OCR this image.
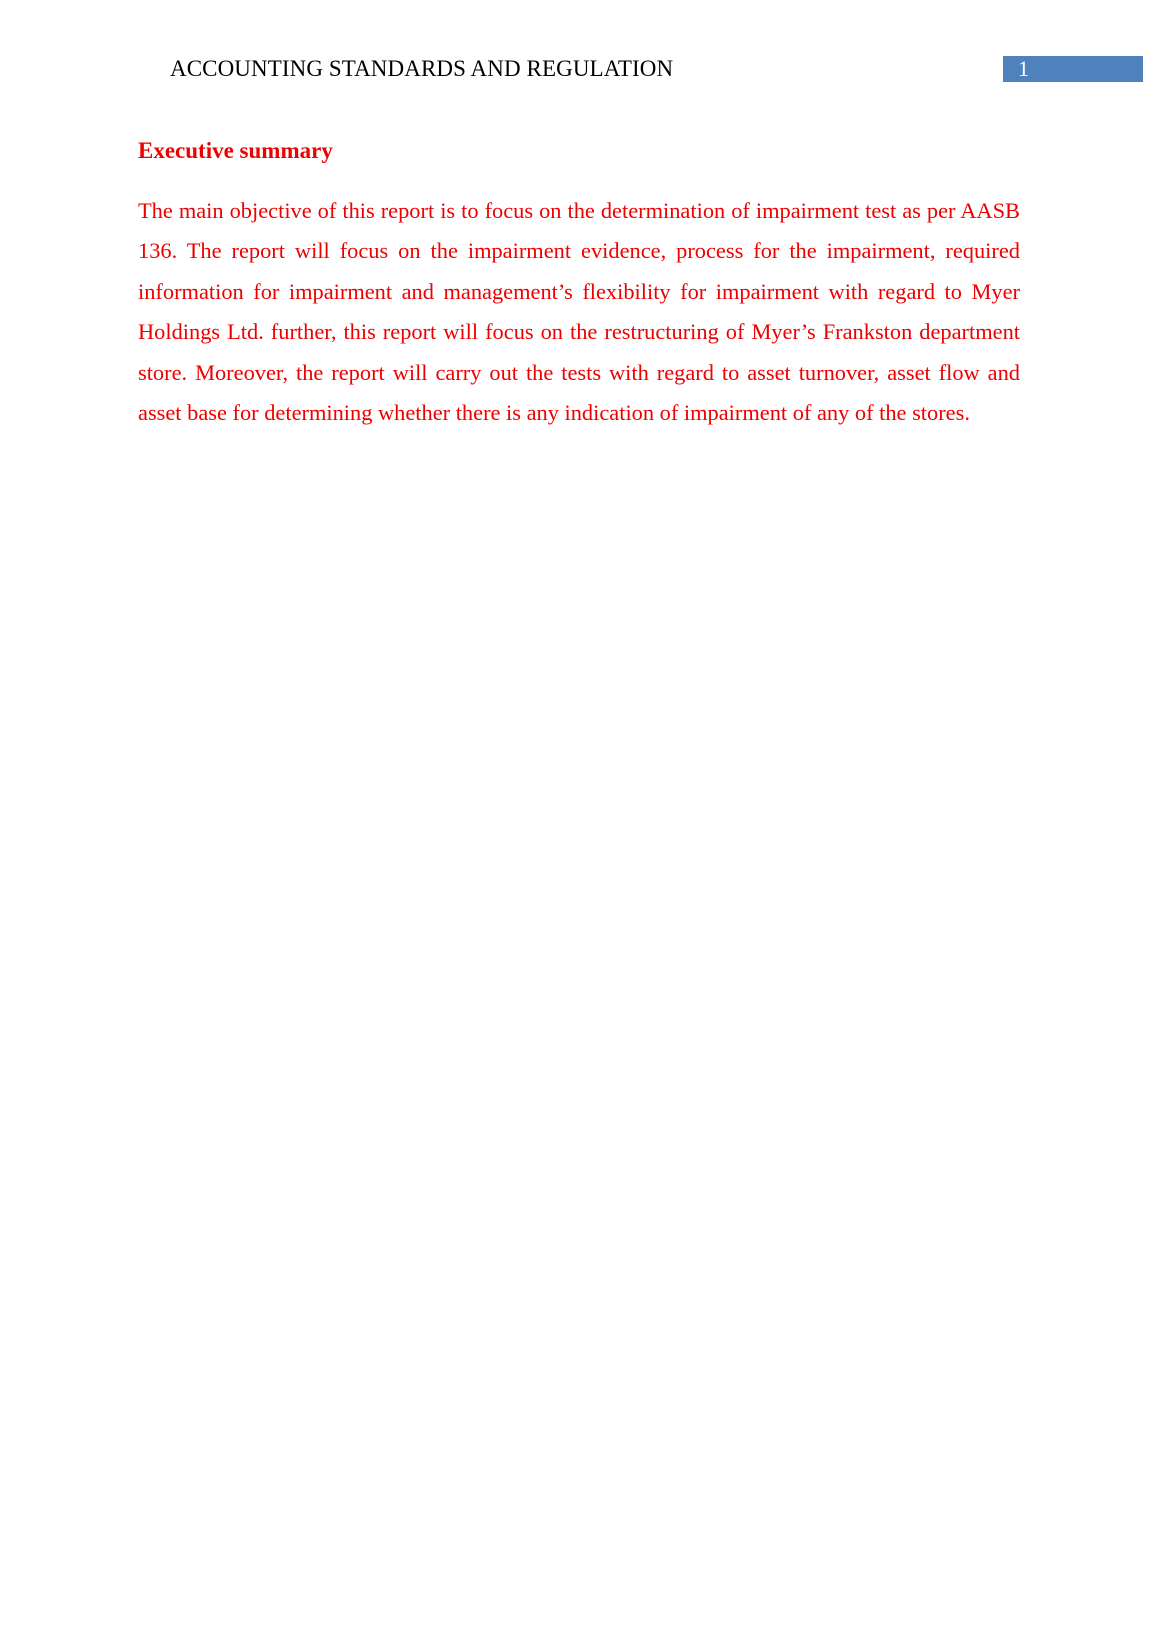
ACCOUNTING STANDARDS AND REGULATION	1
Executive summary

The main objective of this report is to focus on the determination of impairment test as per AASB 136. The report will focus on the impairment evidence, process for the impairment, required information for impairment and management’s flexibility for impairment with regard to Myer Holdings Ltd. further, this report will focus on the restructuring of Myer’s Frankston department store. Moreover, the report will carry out the tests with regard to asset turnover, asset flow and asset base for determining whether there is any indication of impairment of any of the stores.
